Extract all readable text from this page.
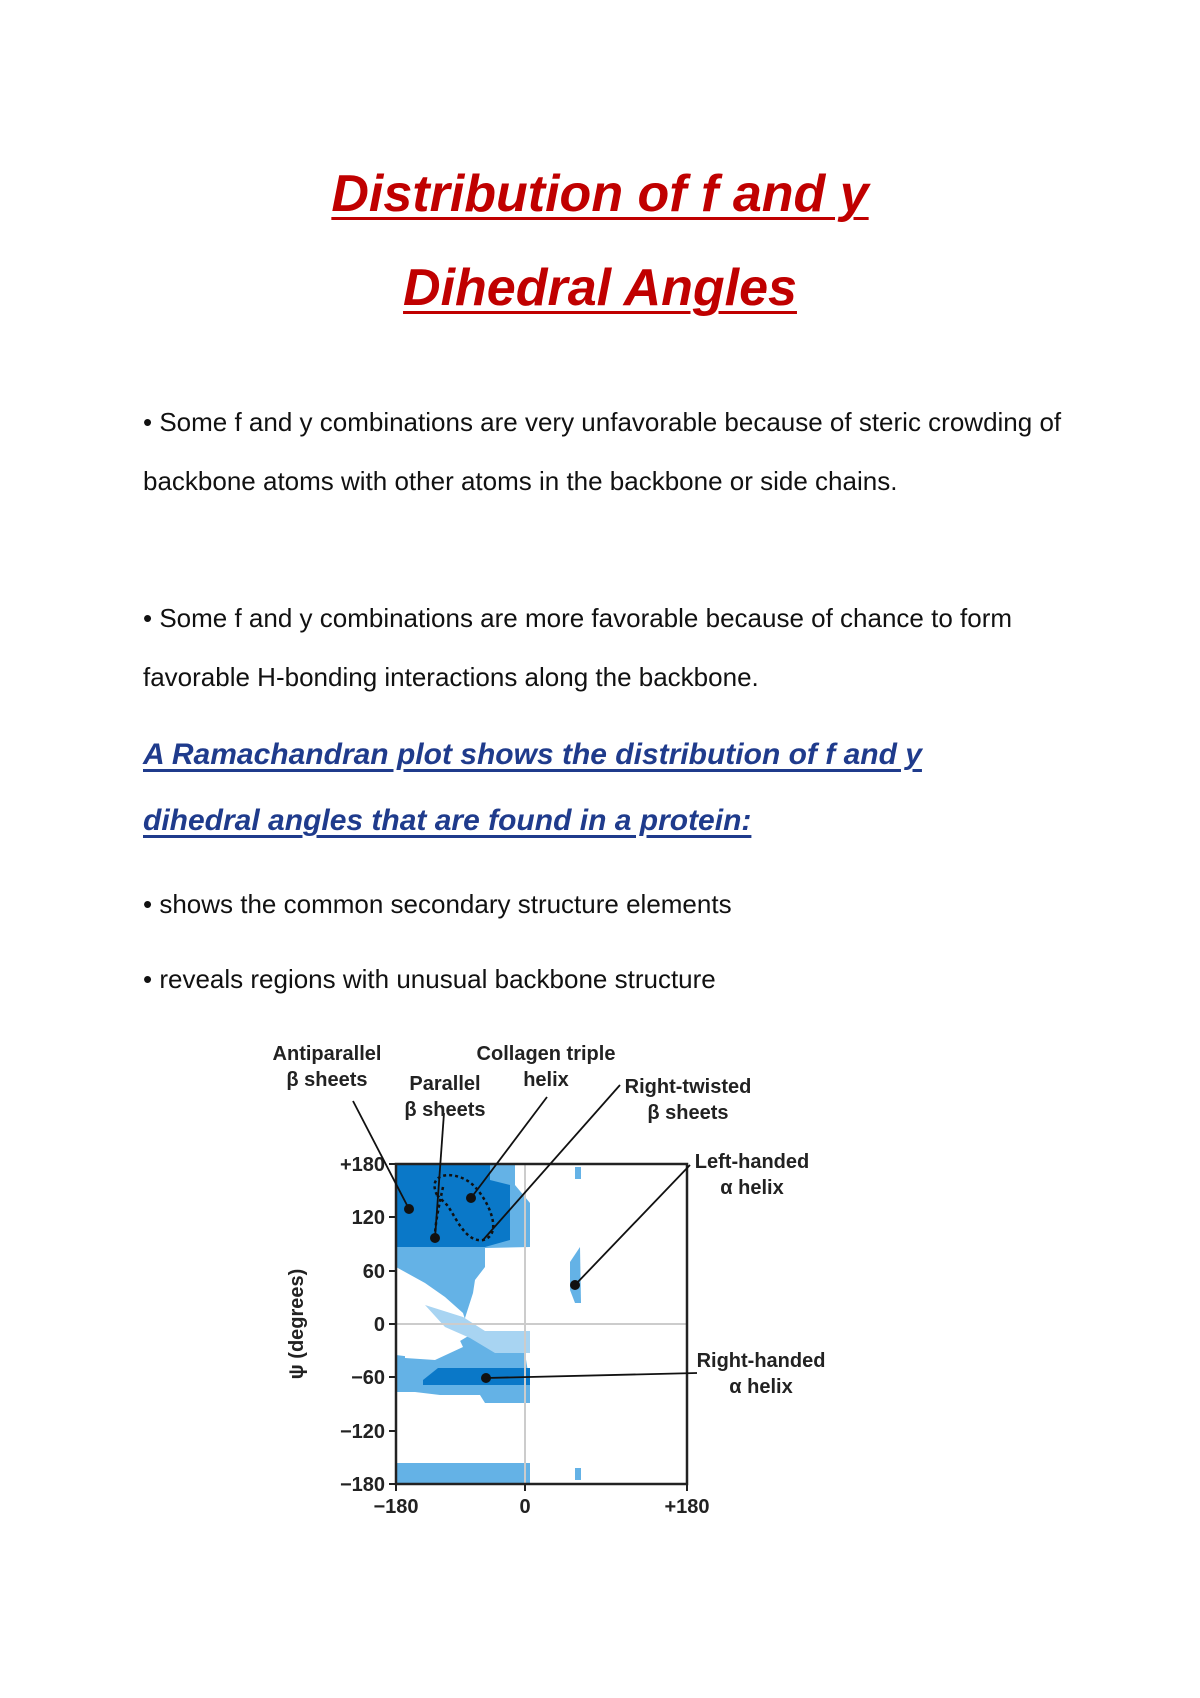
Distribution of f and y
Dihedral Angles

• Some f and y combinations are very unfavorable because of steric crowding of backbone atoms with other atoms in the backbone or side chains.

• Some f and y combinations are more favorable because of chance to form favorable H-bonding interactions along the backbone.

A Ramachandran plot shows the distribution of f and y
dihedral angles that are found in a protein:

• shows the common secondary structure elements

• reveals regions with unusual backbone structure

+180
120
60
0
−60
−120
−180
−180	0	+180
ψ (degrees)
Antiparallel
β sheets
Collagen triple
helix
Parallel
β sheets
Right-twisted
β sheets
Left-handed
α helix
Right-handed
α helix
